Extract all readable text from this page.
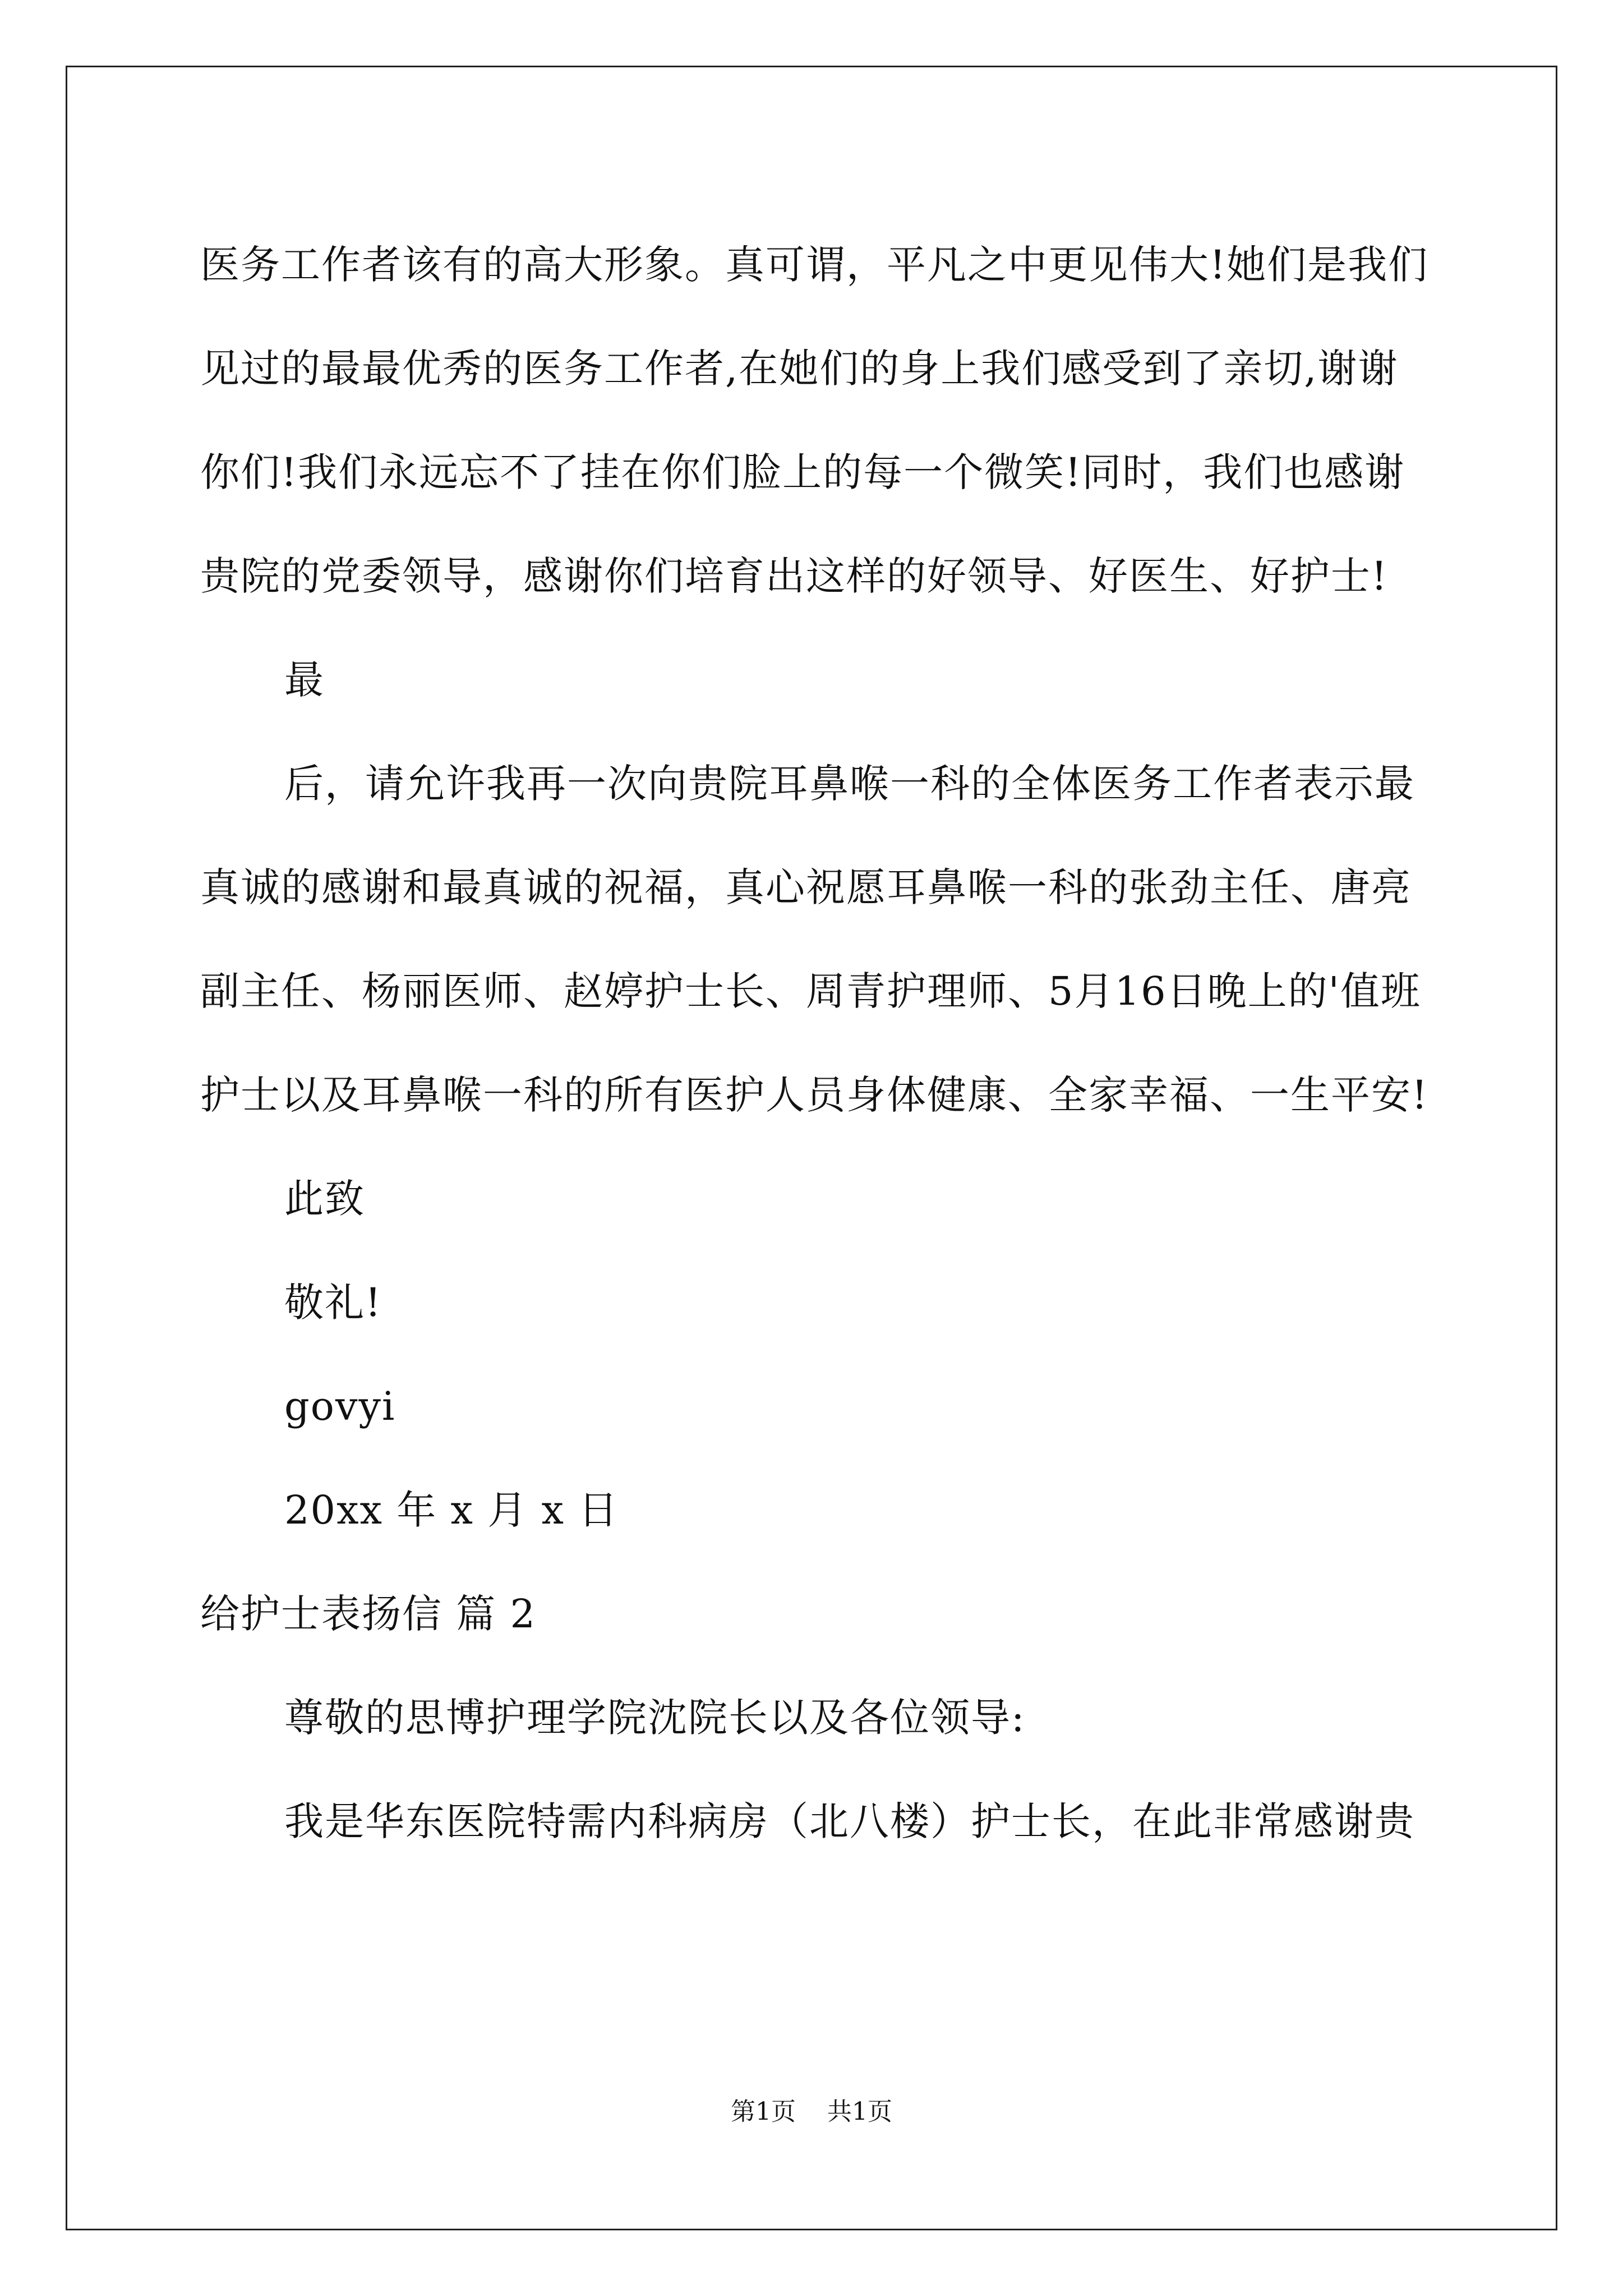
医务工作者该有的高大形象。真可谓，平凡之中更见伟大!她们是我们见过的最最优秀的医务工作者,在她们的身上我们感受到了亲切,谢谢你们!我们永远忘不了挂在你们脸上的每一个微笑!同时，我们也感谢贵院的党委领导，感谢你们培育出这样的好领导、好医生、好护士!

最

后，请允许我再一次向贵院耳鼻喉一科的全体医务工作者表示最真诚的感谢和最真诚的祝福，真心祝愿耳鼻喉一科的张劲主任、唐亮副主任、杨丽医师、赵婷护士长、周青护理师、5月16日晚上的'值班护士以及耳鼻喉一科的所有医护人员身体健康、全家幸福、一生平安!

此致

敬礼!

govyi

20xx 年 x 月 x 日

给护士表扬信 篇 2

尊敬的思博护理学院沈院长以及各位领导:

我是华东医院特需内科病房（北八楼）护士长，在此非常感谢贵

第1页    共1页
